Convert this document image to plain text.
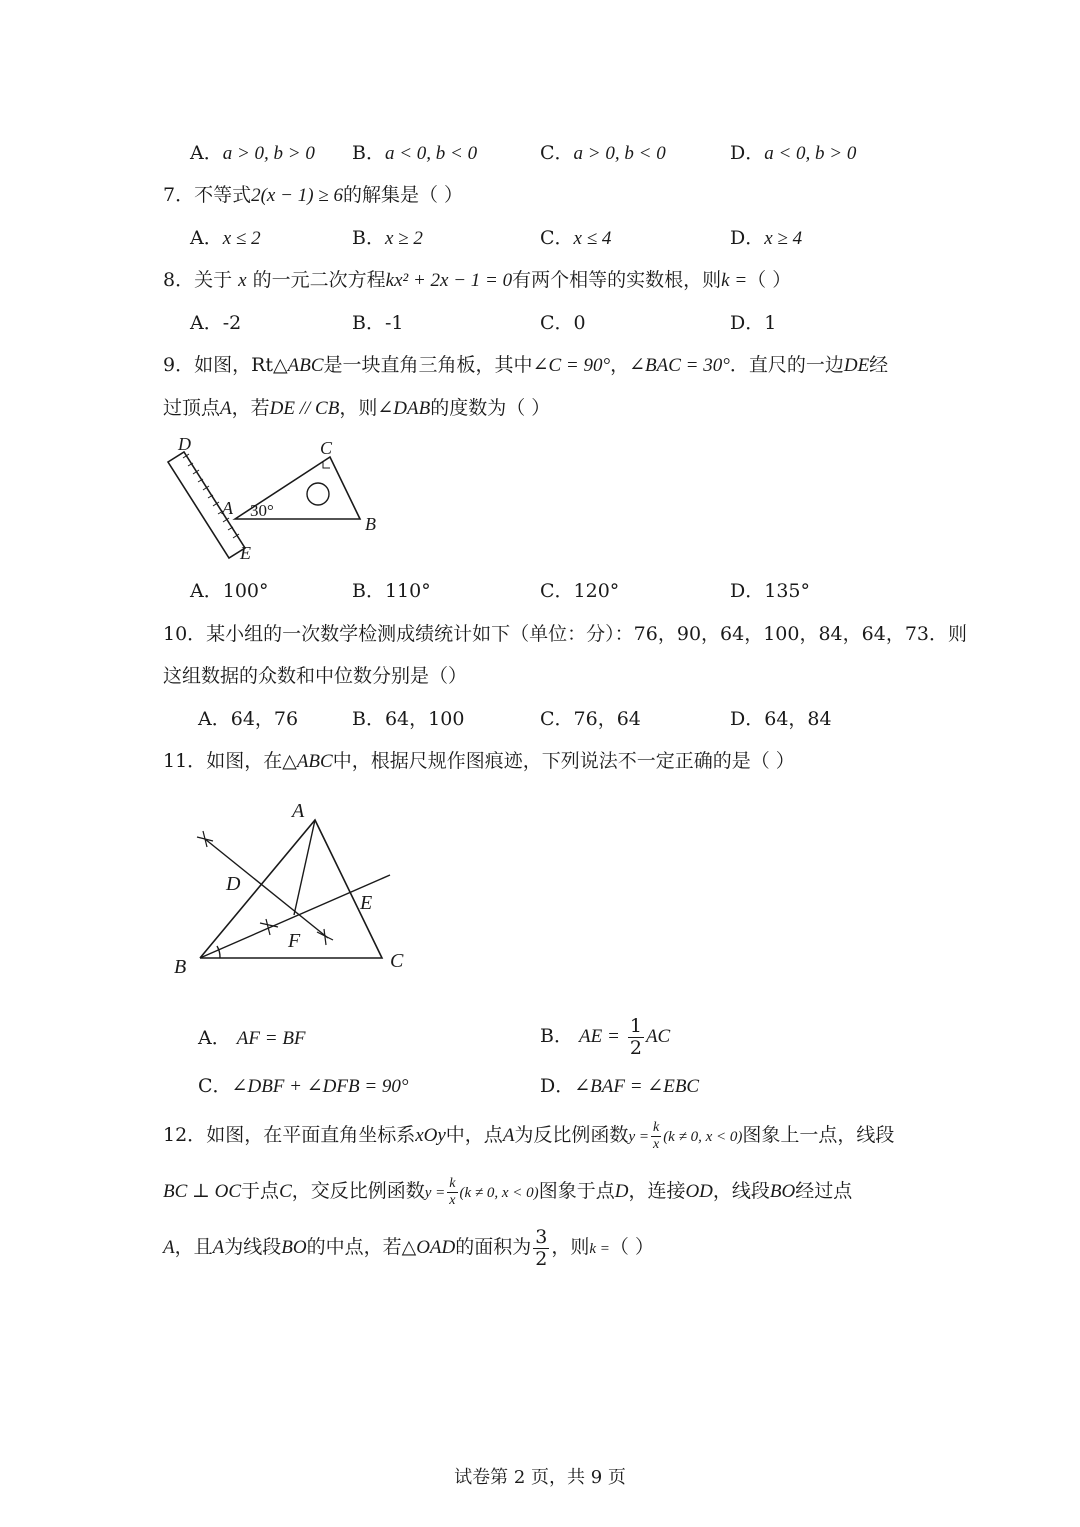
A．a > 0, b > 0 B．a < 0, b < 0	C．a > 0, b < 0	D．a < 0, b > 0
7．不等式2(x − 1) ≥ 6的解集是（ ）
A．x ≤ 2	B．x ≥ 2	C．x ≤ 4	D．x ≥ 4
8．关于 x 的一元二次方程kx² + 2x − 1 = 0有两个相等的实数根，则k =（ ）
A．-2	B．-1	C．0	D．1
9．如图，Rt△ABC是一块直角三角板，其中∠C = 90°，∠BAC = 30°．直尺的一边DE经
过顶点A，若DE // CB，则∠DAB的度数为（ ）
D	C
A 30°
B
E
A．100°	B．110°	C．120°	D．135°
10．某小组的一次数学检测成绩统计如下（单位：分）：76，90，64，100，84，64，73．则
这组数据的众数和中位数分别是（）
A．64，76	B．64，100	C．76，64	D．64，84
11．如图，在△ABC中，根据尺规作图痕迹，下列说法不一定正确的是（ ）
A
D
E
F
B	C
A． AF = BF	B． AE = $\frac{1}{2}$ AC
C．∠DBF + ∠DFB = 90°	D．∠BAF = ∠EBC
12．如图，在平面直角坐标系xOy中，点A为反比例函数$y = \frac{k}{x} (k \ne 0$, x < 0)图象上一点，线段
BC ⊥ OC于点C，交反比例函数$y = \frac{k}{x} (k \ne 0$, x < 0)图象于点D，连接OD，线段BO经过点
A，且A为线段BO的中点，若△OAD的面积为 $\frac{3}{2}$ ，则k =（ ）
试卷第 2 页，共 9 页
